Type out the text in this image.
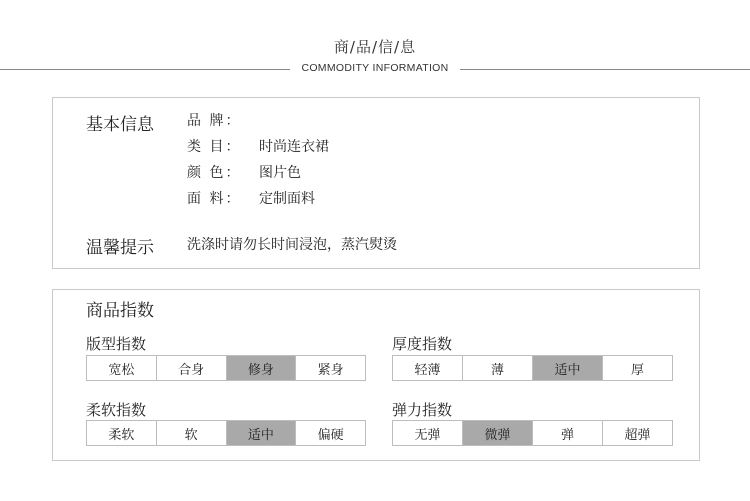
商/品/信/息
COMMODITY INFORMATION
基本信息 品 牌：
类 目： 时尚连衣裙
颜 色： 图片色
面 料： 定制面料
温馨提示 洗涤时请勿长时间浸泡，蒸汽熨烫
商品指数
版型指数
宽松	合身	修身	紧身
厚度指数
轻薄	薄	适中	厚
柔软指数
柔软	软	适中	偏硬
弹力指数
无弹	微弹	弹	超弹
